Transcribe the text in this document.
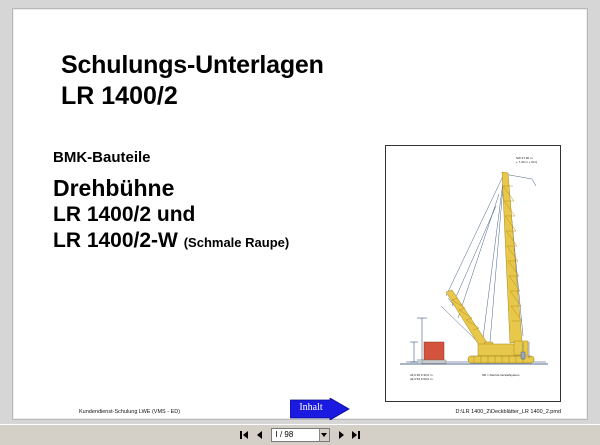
Schulungs-Unterlagen
LR 1400/2
BMK-Bauteile
Drehbühne
LR 1400/2 und
LR 1400/2-W (Schmale Raupe)
SW 27,60 m
+ 7,30 m + 94 t)
34,0 36,0 30,0 m
42,0 52,0 60,0 m
SD = Derrick-Verstellsystem
Inhalt
Kundendienst-Schulung LWE (VMS - ED)	D:\LR 1400_2\Deckblätter_LR 1400_2.pmd
I / 98
